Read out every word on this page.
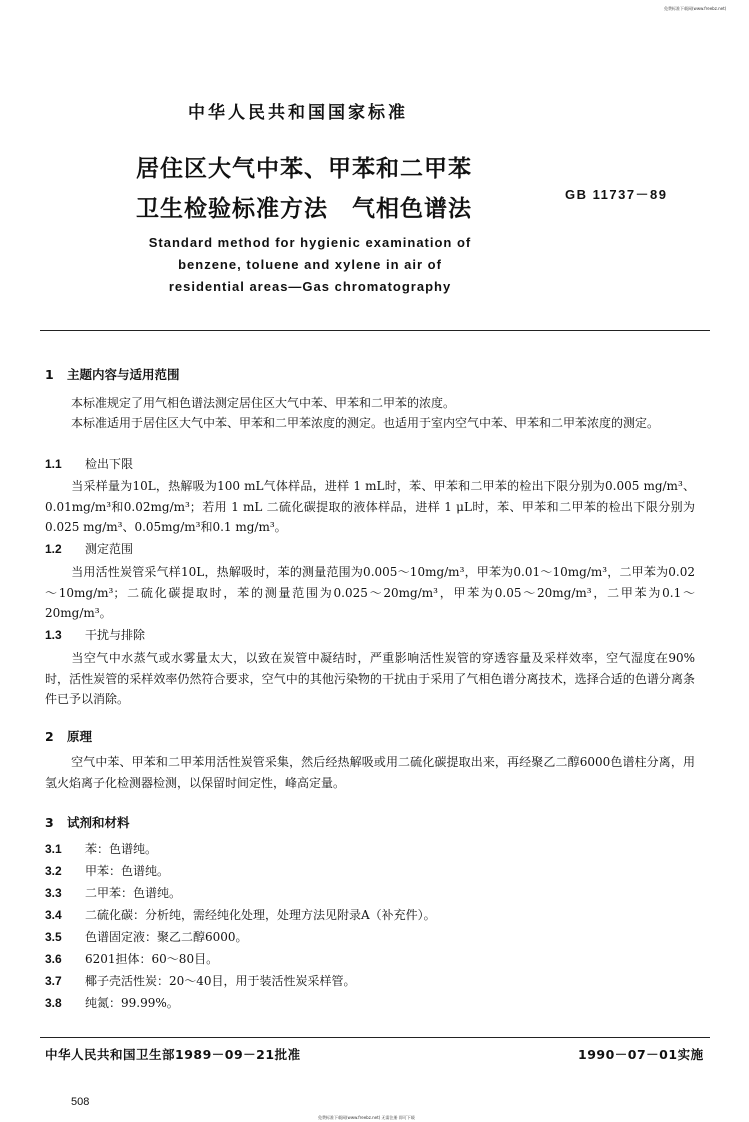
免费标准下载网(www.freebz.net)
中华人民共和国国家标准
居住区大气中苯、甲苯和二甲苯
卫生检验标准方法　气相色谱法
GB 11737－89
Standard method for hygienic examination of
benzene, toluene and xylene in air of
residential areas—Gas chromatography
1 主题内容与适用范围
本标准规定了用气相色谱法测定居住区大气中苯、甲苯和二甲苯的浓度。
本标准适用于居住区大气中苯、甲苯和二甲苯浓度的测定。也适用于室内空气中苯、甲苯和二甲苯浓度的测定。
1.1 检出下限
当采样量为10L，热解吸为100 mL气体样品，进样 1 mL时，苯、甲苯和二甲苯的检出下限分别为0.005 mg/m³、0.01mg/m³和0.02mg/m³；若用 1 mL 二硫化碳提取的液体样品，进样 1 μL时，苯、甲苯和二甲苯的检出下限分别为0.025 mg/m³、0.05mg/m³和0.1 mg/m³。
1.2 测定范围
当用活性炭管采气样10L，热解吸时，苯的测量范围为0.005～10mg/m³，甲苯为0.01～10mg/m³，二甲苯为0.02～10mg/m³；二硫化碳提取时，苯的测量范围为0.025～20mg/m³，甲苯为0.05～20mg/m³，二甲苯为0.1～20mg/m³。
1.3 干扰与排除
当空气中水蒸气或水雾量太大，以致在炭管中凝结时，严重影响活性炭管的穿透容量及采样效率，空气湿度在90%时，活性炭管的采样效率仍然符合要求，空气中的其他污染物的干扰由于采用了气相色谱分离技术，选择合适的色谱分离条件已予以消除。
2 原理
空气中苯、甲苯和二甲苯用活性炭管采集，然后经热解吸或用二硫化碳提取出来，再经聚乙二醇6000色谱柱分离，用氢火焰离子化检测器检测，以保留时间定性，峰高定量。
3 试剂和材料
3.1 苯：色谱纯。
3.2 甲苯：色谱纯。
3.3 二甲苯：色谱纯。
3.4 二硫化碳：分析纯，需经纯化处理，处理方法见附录A（补充件）。
3.5 色谱固定液：聚乙二醇6000。
3.6 6201担体：60～80目。
3.7 椰子壳活性炭：20～40目，用于装活性炭采样管。
3.8 纯氮：99.99%。
中华人民共和国卫生部1989－09－21批准	1990－07－01实施
508
免费标准下载网(www.freebz.net) 无需注册 即可下载
